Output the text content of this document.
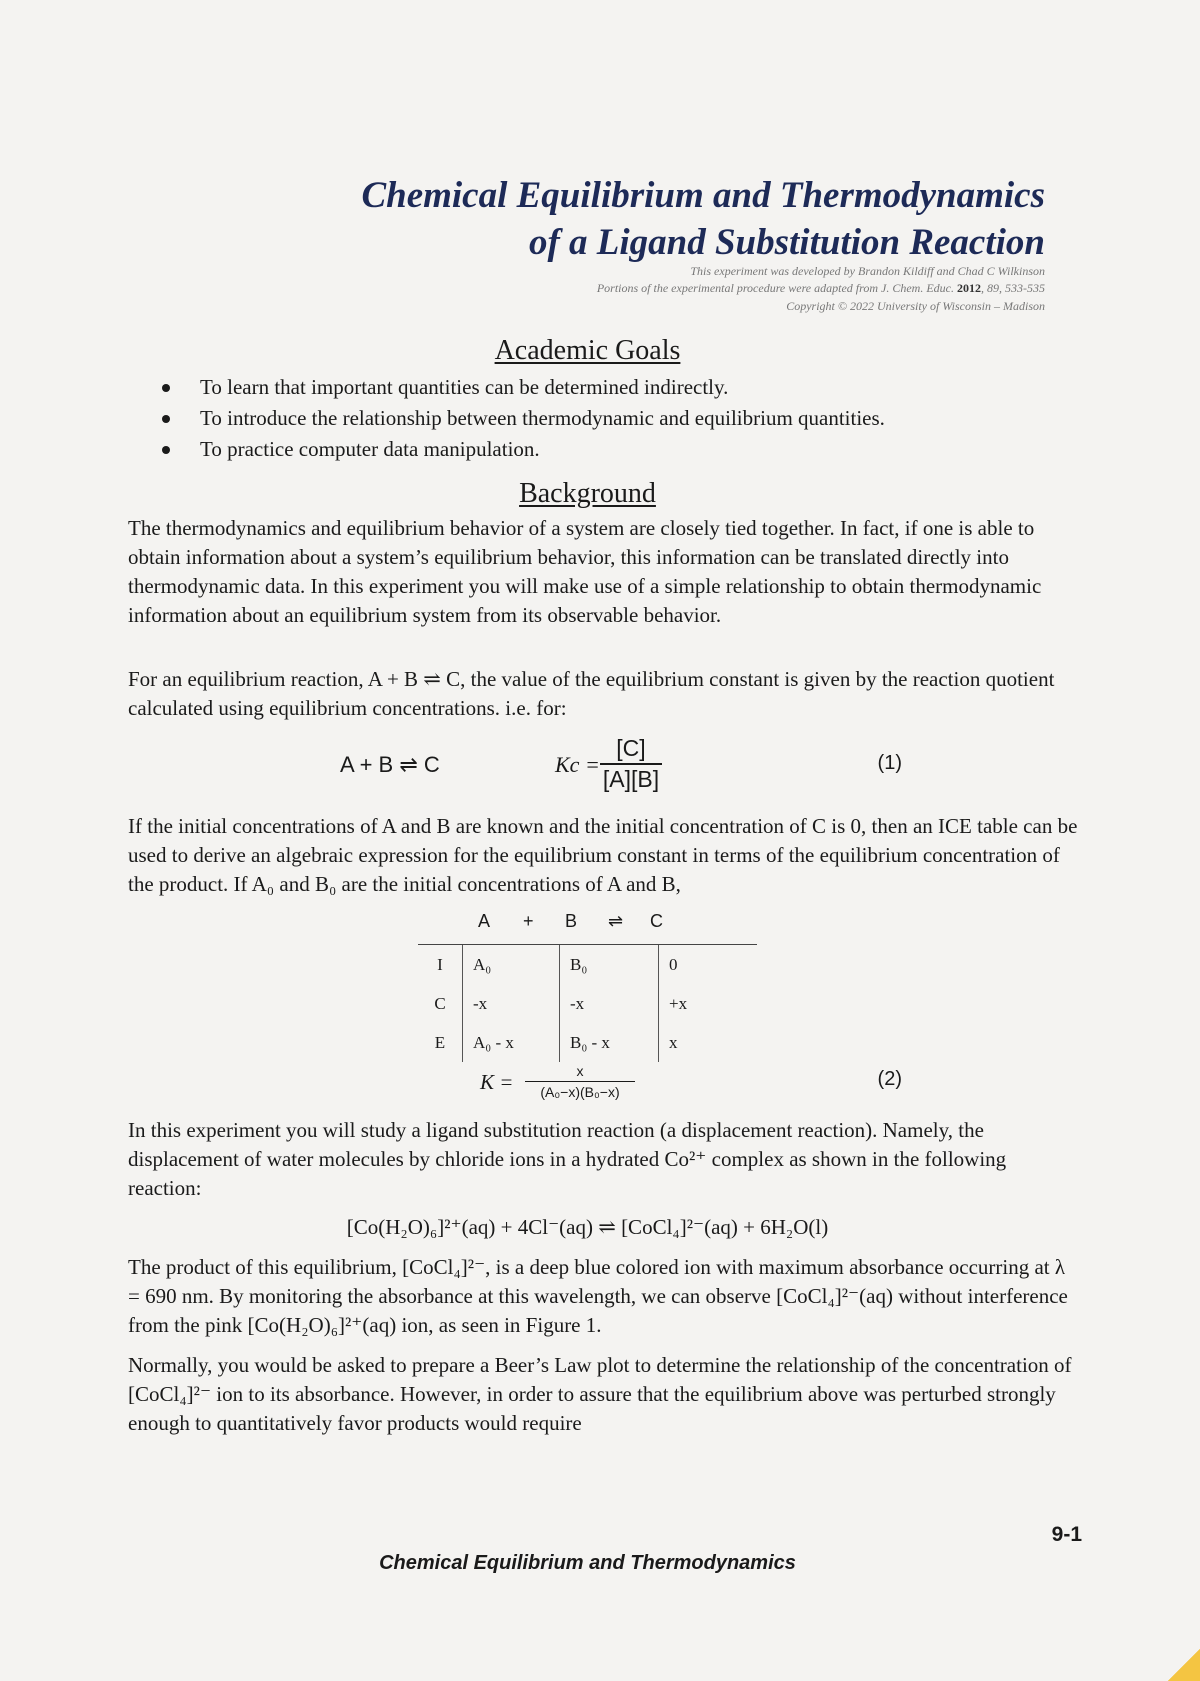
Chemical Equilibrium and Thermodynamics
of a Ligand Substitution Reaction
This experiment was developed by Brandon Kildiff and Chad C Wilkinson
Portions of the experimental procedure were adapted from J. Chem. Educ. 2012, 89, 533-535
Copyright © 2022 University of Wisconsin – Madison
Academic Goals
To learn that important quantities can be determined indirectly.
To introduce the relationship between thermodynamic and equilibrium quantities.
To practice computer data manipulation.
Background

The thermodynamics and equilibrium behavior of a system are closely tied together. In fact, if one is able to obtain information about a system’s equilibrium behavior, this information can be translated directly into thermodynamic data. In this experiment you will make use of a simple relationship to obtain thermodynamic information about an equilibrium system from its observable behavior.

For an equilibrium reaction, A + B ⇌ C, the value of the equilibrium constant is given by the reaction quotient calculated using equilibrium concentrations. i.e. for:

A + B ⇌ C	Kc =
[C]
[A][B]
(1)

If the initial concentrations of A and B are known and the initial concentration of C is 0, then an ICE table can be used to derive an algebraic expression for the equilibrium constant in terms of the equilibrium concentration of the product. If A₀ and B₀ are the initial concentrations of A and B,

A + B ⇌ C
I	A₀	B₀	0
C	-x	-x	+x
E	A₀ - x	B₀ - x	x
K =	x
(A₀−x)(B₀−x)
(2)

In this experiment you will study a ligand substitution reaction (a displacement reaction). Namely, the displacement of water molecules by chloride ions in a hydrated Co²⁺ complex as shown in the following reaction:

[Co(H₂O)₆]²⁺(aq) + 4Cl⁻(aq) ⇌ [CoCl₄]²⁻(aq) + 6H₂O(l)

The product of this equilibrium, [CoCl₄]²⁻, is a deep blue colored ion with maximum absorbance occurring at λ = 690 nm. By monitoring the absorbance at this wavelength, we can observe [CoCl₄]²⁻(aq) without interference from the pink [Co(H₂O)₆]²⁺(aq) ion, as seen in Figure 1.

Normally, you would be asked to prepare a Beer’s Law plot to determine the relationship of the concentration of [CoCl₄]²⁻ ion to its absorbance. However, in order to assure that the equilibrium above was perturbed strongly enough to quantitatively favor products would require

9-1
Chemical Equilibrium and Thermodynamics
